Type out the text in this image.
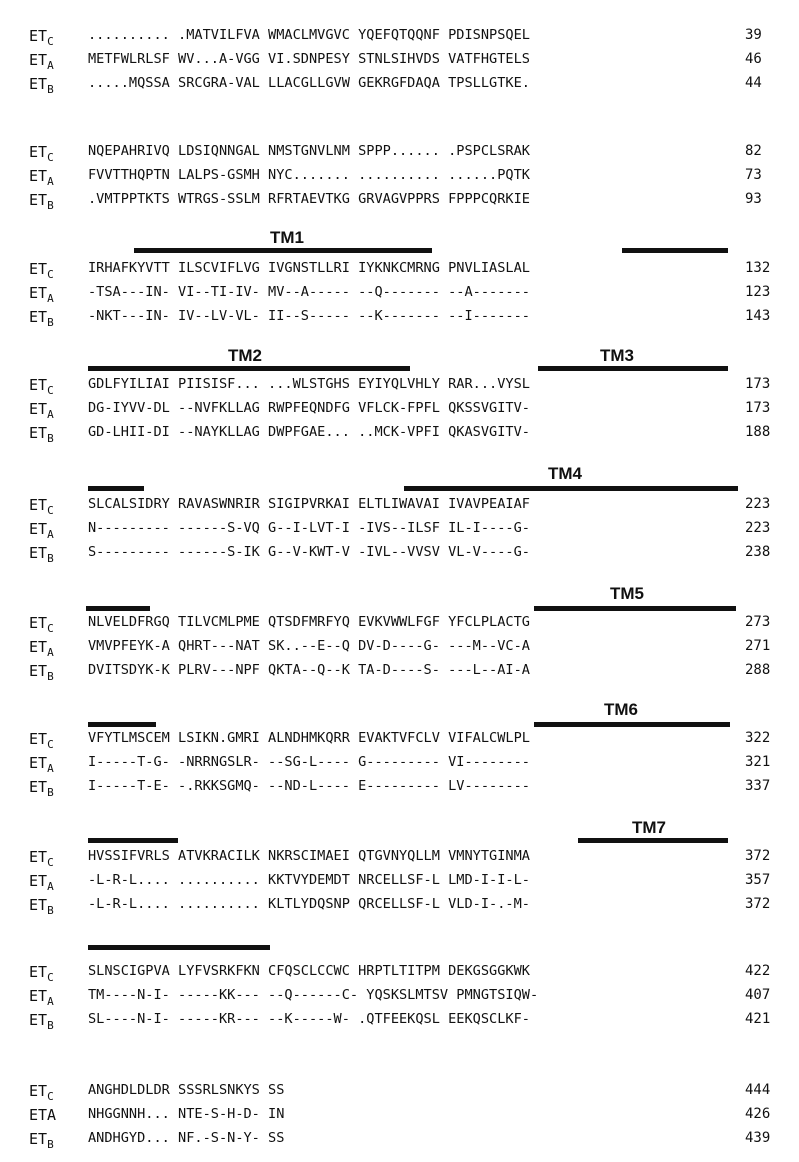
$ET_C$	.......... .MATVILFVA WMACLMVGVC YQEFQTQQNF PDISNPSQEL	39
$ET_A$	METFWLRLSF WV...A-VGG VI.SDNPESY STNLSIHVDS VATFHGTELS	46
$ET_B$	.....MQSSA SRCGRA-VAL LLACGLLGVW GEKRGFDAQA TPSLLGTKE.	44
$ET_C$	NQEPAHRIVQ LDSIQNNGAL NMSTGNVLNM SPPP...... .PSPCLSRAK	82
$ET_A$	FVVTTHQPTN LALPS-GSMH NYC....... .......... ......PQTK	73
$ET_B$	.VMTPPTKTS WTRGS-SSLM RFRTAEVTKG GRVAGVPPRS FPPPCQRKIE	93
TM1
$ET_C$	IRHAFKYVTT ILSCVIFLVG IVGNSTLLRI IYKNKCMRNG PNVLIASLAL	132
$ET_A$	-TSA---IN- VI--TI-IV- MV--A----- --Q------- --A-------	123
$ET_B$	-NKT---IN- IV--LV-VL- II--S----- --K------- --I-------	143
TM2	TM3
$ET_C$	GDLFYILIAI PIISISF... ...WLSTGHS EYIYQLVHLY RAR...VYSL	173
$ET_A$	DG-IYVV-DL --NVFKLLAG RWPFEQNDFG VFLCK-FPFL QKSSVGITV-	173
$ET_B$	GD-LHII-DI --NAYKLLAG DWPFGAE... ..MCK-VPFI QKASVGITV-	188
TM4
$ET_C$	SLCALSIDRY RAVASWNRIR SIGIPVRKAI ELTLIWAVAI IVAVPEAIAF	223
$ET_A$	N--------- ------S-VQ G--I-LVT-I -IVS--ILSF IL-I----G-	223
$ET_B$	S--------- ------S-IK G--V-KWT-V -IVL--VVSV VL-V----G-	238
TM5
$ET_C$	NLVELDFRGQ TILVCMLPME QTSDFMRFYQ EVKVWWLFGF YFCLPLACTG	273
$ET_A$	VMVPFEYK-A QHRT---NAT SK..--E--Q DV-D----G- ---M--VC-A	271
$ET_B$	DVITSDYK-K PLRV---NPF QKTA--Q--K TA-D----S- ---L--AI-A	288
TM6
$ET_C$	VFYTLMSCEM LSIKN.GMRI ALNDHMKQRR EVAKTVFCLV VIFALCWLPL	322
$ET_A$	I-----T-G- -NRRNGSLR- --SG-L---- G--------- VI--------	321
$ET_B$	I-----T-E- -.RKKSGMQ- --ND-L---- E--------- LV--------	337
TM7
$ET_C$	HVSSIFVRLS ATVKRACILK NKRSCIMAEI QTGVNYQLLM VMNYTGINMA	372
$ET_A$	-L-R-L.... .......... KKTVYDEMDT NRCELLSF-L LMD-I-I-L-	357
$ET_B$	-L-R-L.... .......... KLTLYDQSNP QRCELLSF-L VLD-I-.-M-	372
$ET_C$	SLNSCIGPVA LYFVSRKFKN CFQSCLCCWC HRPTLTITPM DEKGSGGKWK	422
$ET_A$	TM----N-I- -----KK--- --Q------C- YQSKSLMTSV PMNGTSIQW-	407
$ET_B$	SL----N-I- -----KR--- --K-----W- .QTFEEKQSL EEKQSCLKF-	421
$ET_C$	ANGHDLDLDR SSSRLSNKYS SS	444
ETA NHGGNNH... NTE-S-H-D- IN	426
$ET_B$	ANDHGYD... NF.-S-N-Y- SS	439
